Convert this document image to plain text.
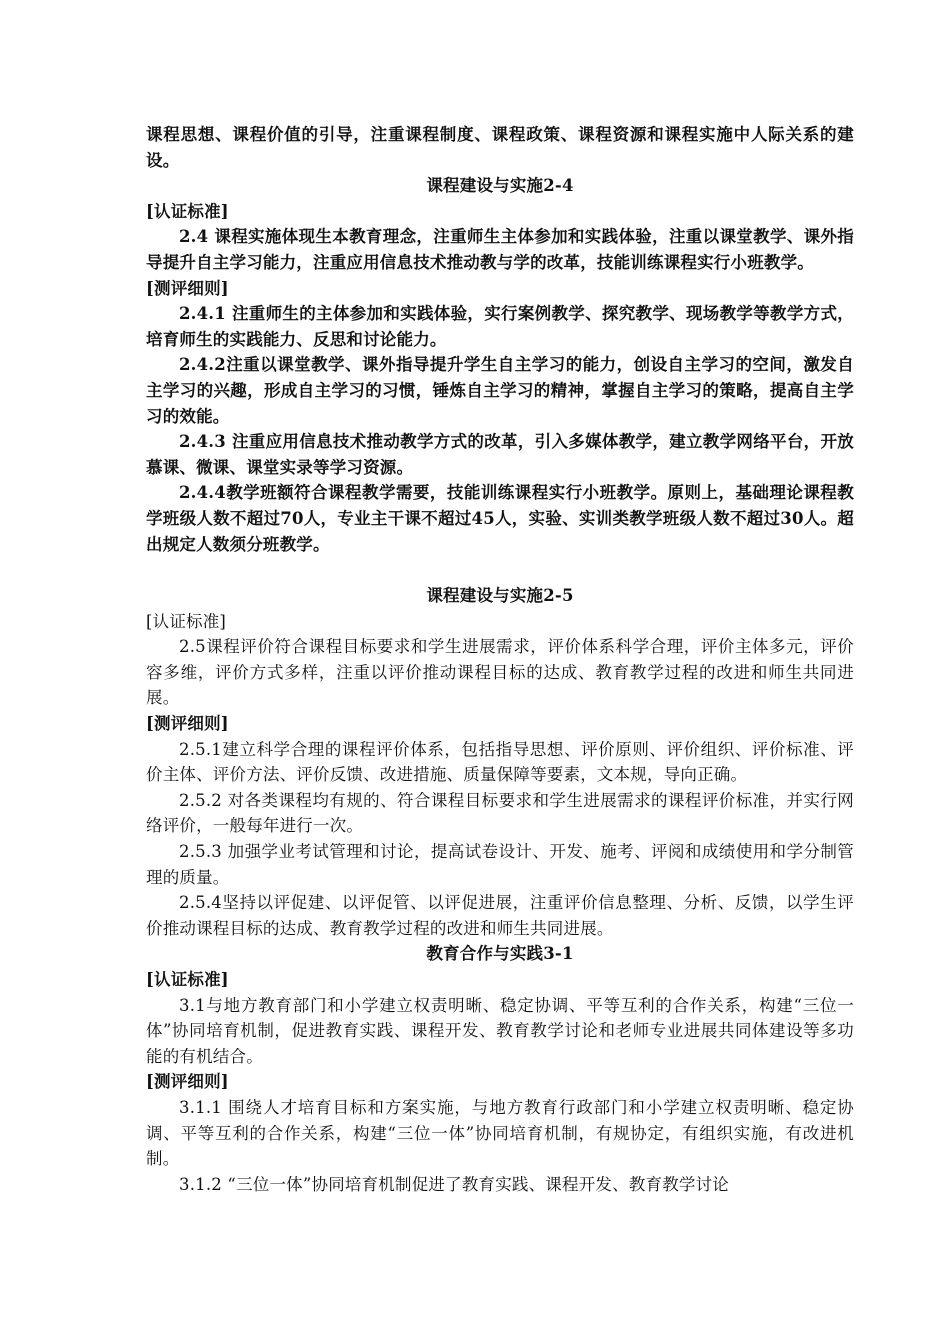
课程思想、课程价值的引导，注重课程制度、课程政策、课程资源和课程实施中人际关系的建设。

课程建设与实施2-4

[认证标准]

2.4 课程实施体现生本教育理念，注重师生主体参加和实践体验，注重以课堂教学、课外指导提升自主学习能力，注重应用信息技术推动教与学的改革，技能训练课程实行小班教学。

[测评细则]

2.4.1 注重师生的主体参加和实践体验，实行案例教学、探究教学、现场教学等教学方式，培育师生的实践能力、反思和讨论能力。

2.4.2注重以课堂教学、课外指导提升学生自主学习的能力，创设自主学习的空间，激发自主学习的兴趣，形成自主学习的习惯，锤炼自主学习的精神，掌握自主学习的策略，提高自主学习的效能。

2.4.3 注重应用信息技术推动教学方式的改革，引入多媒体教学，建立教学网络平台，开放慕课、微课、课堂实录等学习资源。

2.4.4教学班额符合课程教学需要，技能训练课程实行小班教学。原则上，基础理论课程教学班级人数不超过70人，专业主干课不超过45人，实验、实训类教学班级人数不超过30人。超出规定人数须分班教学。

课程建设与实施2-5

[认证标准]

2.5课程评价符合课程目标要求和学生进展需求，评价体系科学合理，评价主体多元，评价容多维，评价方式多样，注重以评价推动课程目标的达成、教育教学过程的改进和师生共同进展。

[测评细则]

2.5.1建立科学合理的课程评价体系，包括指导思想、评价原则、评价组织、评价标准、评价主体、评价方法、评价反馈、改进措施、质量保障等要素，文本规，导向正确。

2.5.2 对各类课程均有规的、符合课程目标要求和学生进展需求的课程评价标准，并实行网络评价，一般每年进行一次。

2.5.3 加强学业考试管理和讨论，提高试卷设计、开发、施考、评阅和成绩使用和学分制管理的质量。

2.5.4坚持以评促建、以评促管、以评促进展，注重评价信息整理、分析、反馈，以学生评价推动课程目标的达成、教育教学过程的改进和师生共同进展。

教育合作与实践3-1

[认证标准]

3.1与地方教育部门和小学建立权责明晰、稳定协调、平等互利的合作关系，构建“三位一体”协同培育机制，促进教育实践、课程开发、教育教学讨论和老师专业进展共同体建设等多功能的有机结合。

[测评细则]

3.1.1 围绕人才培育目标和方案实施，与地方教育行政部门和小学建立权责明晰、稳定协调、平等互利的合作关系，构建“三位一体”协同培育机制，有规协定，有组织实施，有改进机制。

3.1.2 “三位一体”协同培育机制促进了教育实践、课程开发、教育教学讨论
